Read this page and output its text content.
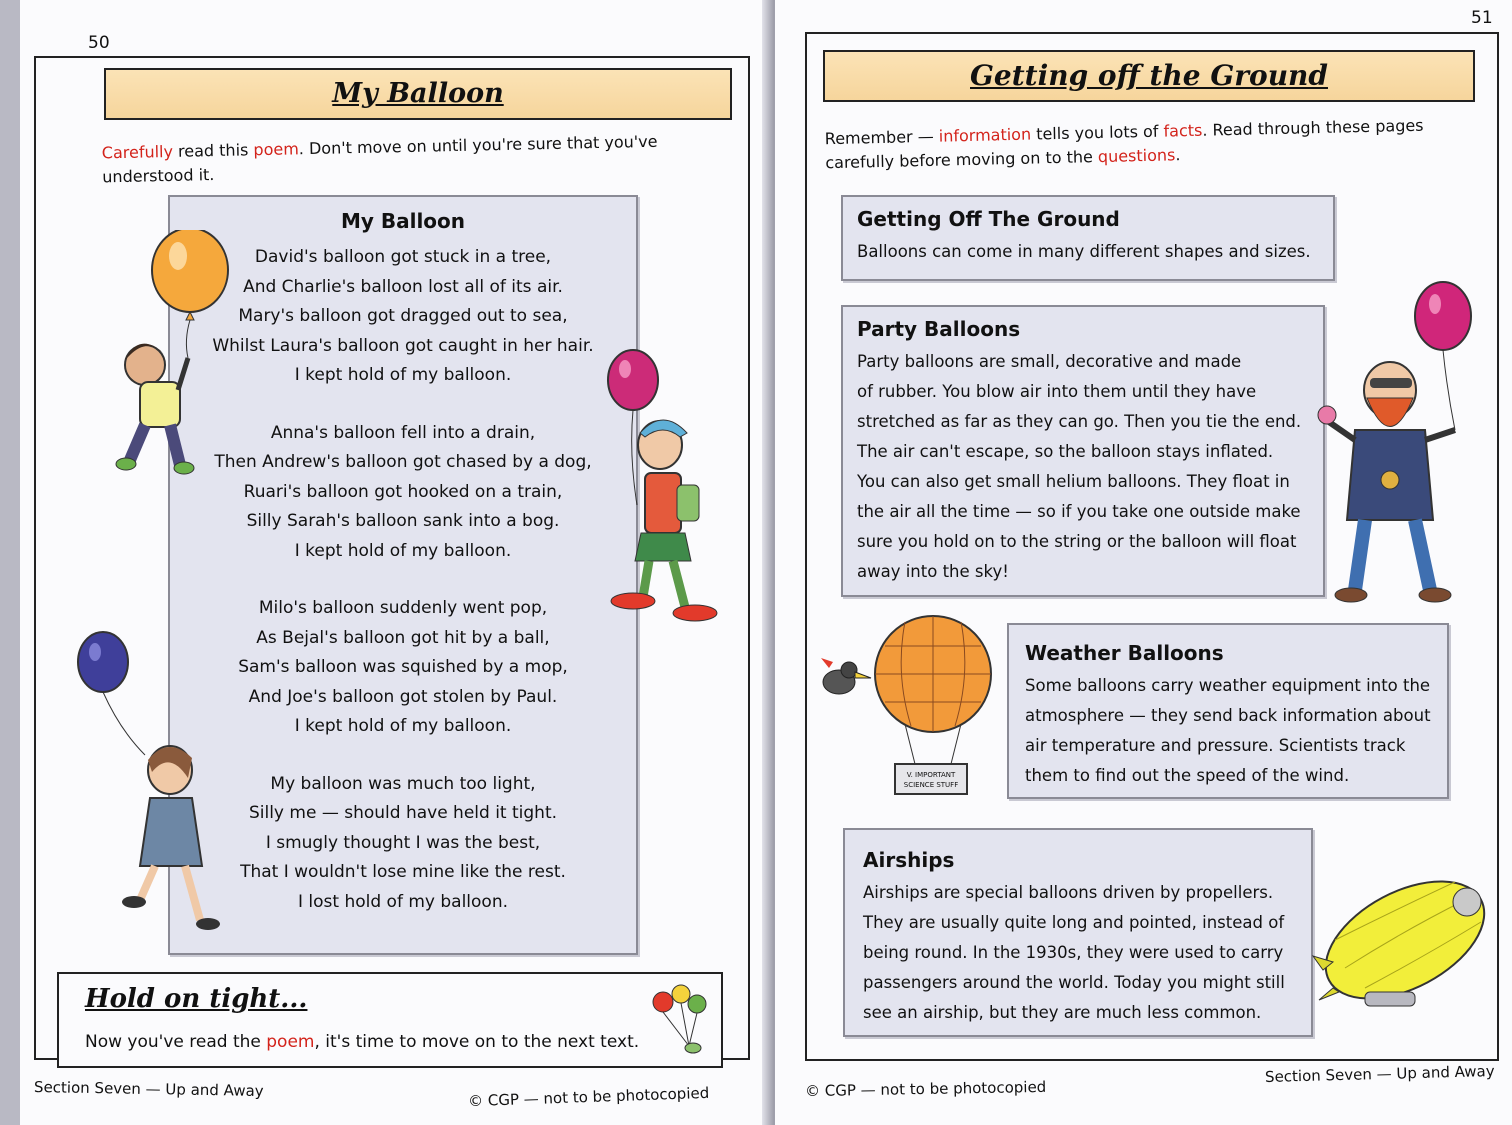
50
My Balloon
Carefully read this poem. Don't move on until you're sure that you've understood it.
My Balloon
David's balloon got stuck in a tree,
And Charlie's balloon lost all of its air.
Mary's balloon got dragged out to sea,
Whilst Laura's balloon got caught in her hair.
I kept hold of my balloon.
Anna's balloon fell into a drain,
Then Andrew's balloon got chased by a dog,
Ruari's balloon got hooked on a train,
Silly Sarah's balloon sank into a bog.
I kept hold of my balloon.
Milo's balloon suddenly went pop,
As Bejal's balloon got hit by a ball,
Sam's balloon was squished by a mop,
And Joe's balloon got stolen by Paul.
I kept hold of my balloon.
My balloon was much too light,
Silly me — should have held it tight.
I smugly thought I was the best,
That I wouldn't lose mine like the rest.
I lost hold of my balloon.
Hold on tight...
Now you've read the poem, it's time to move on to the next text.
Section Seven — Up and Away	© CGP — not to be photocopied
51
Getting off the Ground
Remember — information tells you lots of facts. Read through these pages carefully before moving on to the questions.
Getting Off The Ground
Balloons can come in many different shapes and sizes.
Party Balloons
Party balloons are small, decorative and made
of rubber. You blow air into them until they have
stretched as far as they can go. Then you tie the end.
The air can't escape, so the balloon stays inflated.
You can also get small helium balloons. They float in
the air all the time — so if you take one outside make
sure you hold on to the string or the balloon will float
away into the sky!
Weather Balloons
Some balloons carry weather equipment into the
atmosphere — they send back information about
air temperature and pressure. Scientists track
them to find out the speed of the wind.
Airships
Airships are special balloons driven by propellers.
They are usually quite long and pointed, instead of
being round. In the 1930s, they were used to carry
passengers around the world. Today you might still
see an airship, but they are much less common.
V. IMPORTANT
SCIENCE STUFF
© CGP — not to be photocopied
Section Seven — Up and Away
